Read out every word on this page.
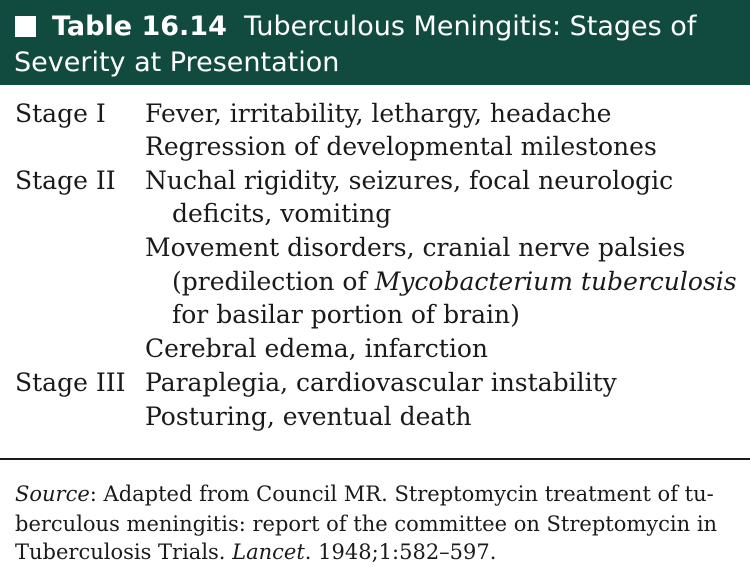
Table 16.14 Tuberculous Meningitis: Stages of
Severity at Presentation
Stage I Fever, irritability, lethargy, headache
Regression of developmental milestones
Stage II Nuchal rigidity, seizures, focal neurologic
deficits, vomiting
Movement disorders, cranial nerve palsies
(predilection of Mycobacterium tuberculosis
for basilar portion of brain)
Cerebral edema, infarction
Stage III Paraplegia, cardiovascular instability
Posturing, eventual death
Source: Adapted from Council MR. Streptomycin treatment of tu-
berculous meningitis: report of the committee on Streptomycin in
Tuberculosis Trials. Lancet. 1948;1:582–597.
